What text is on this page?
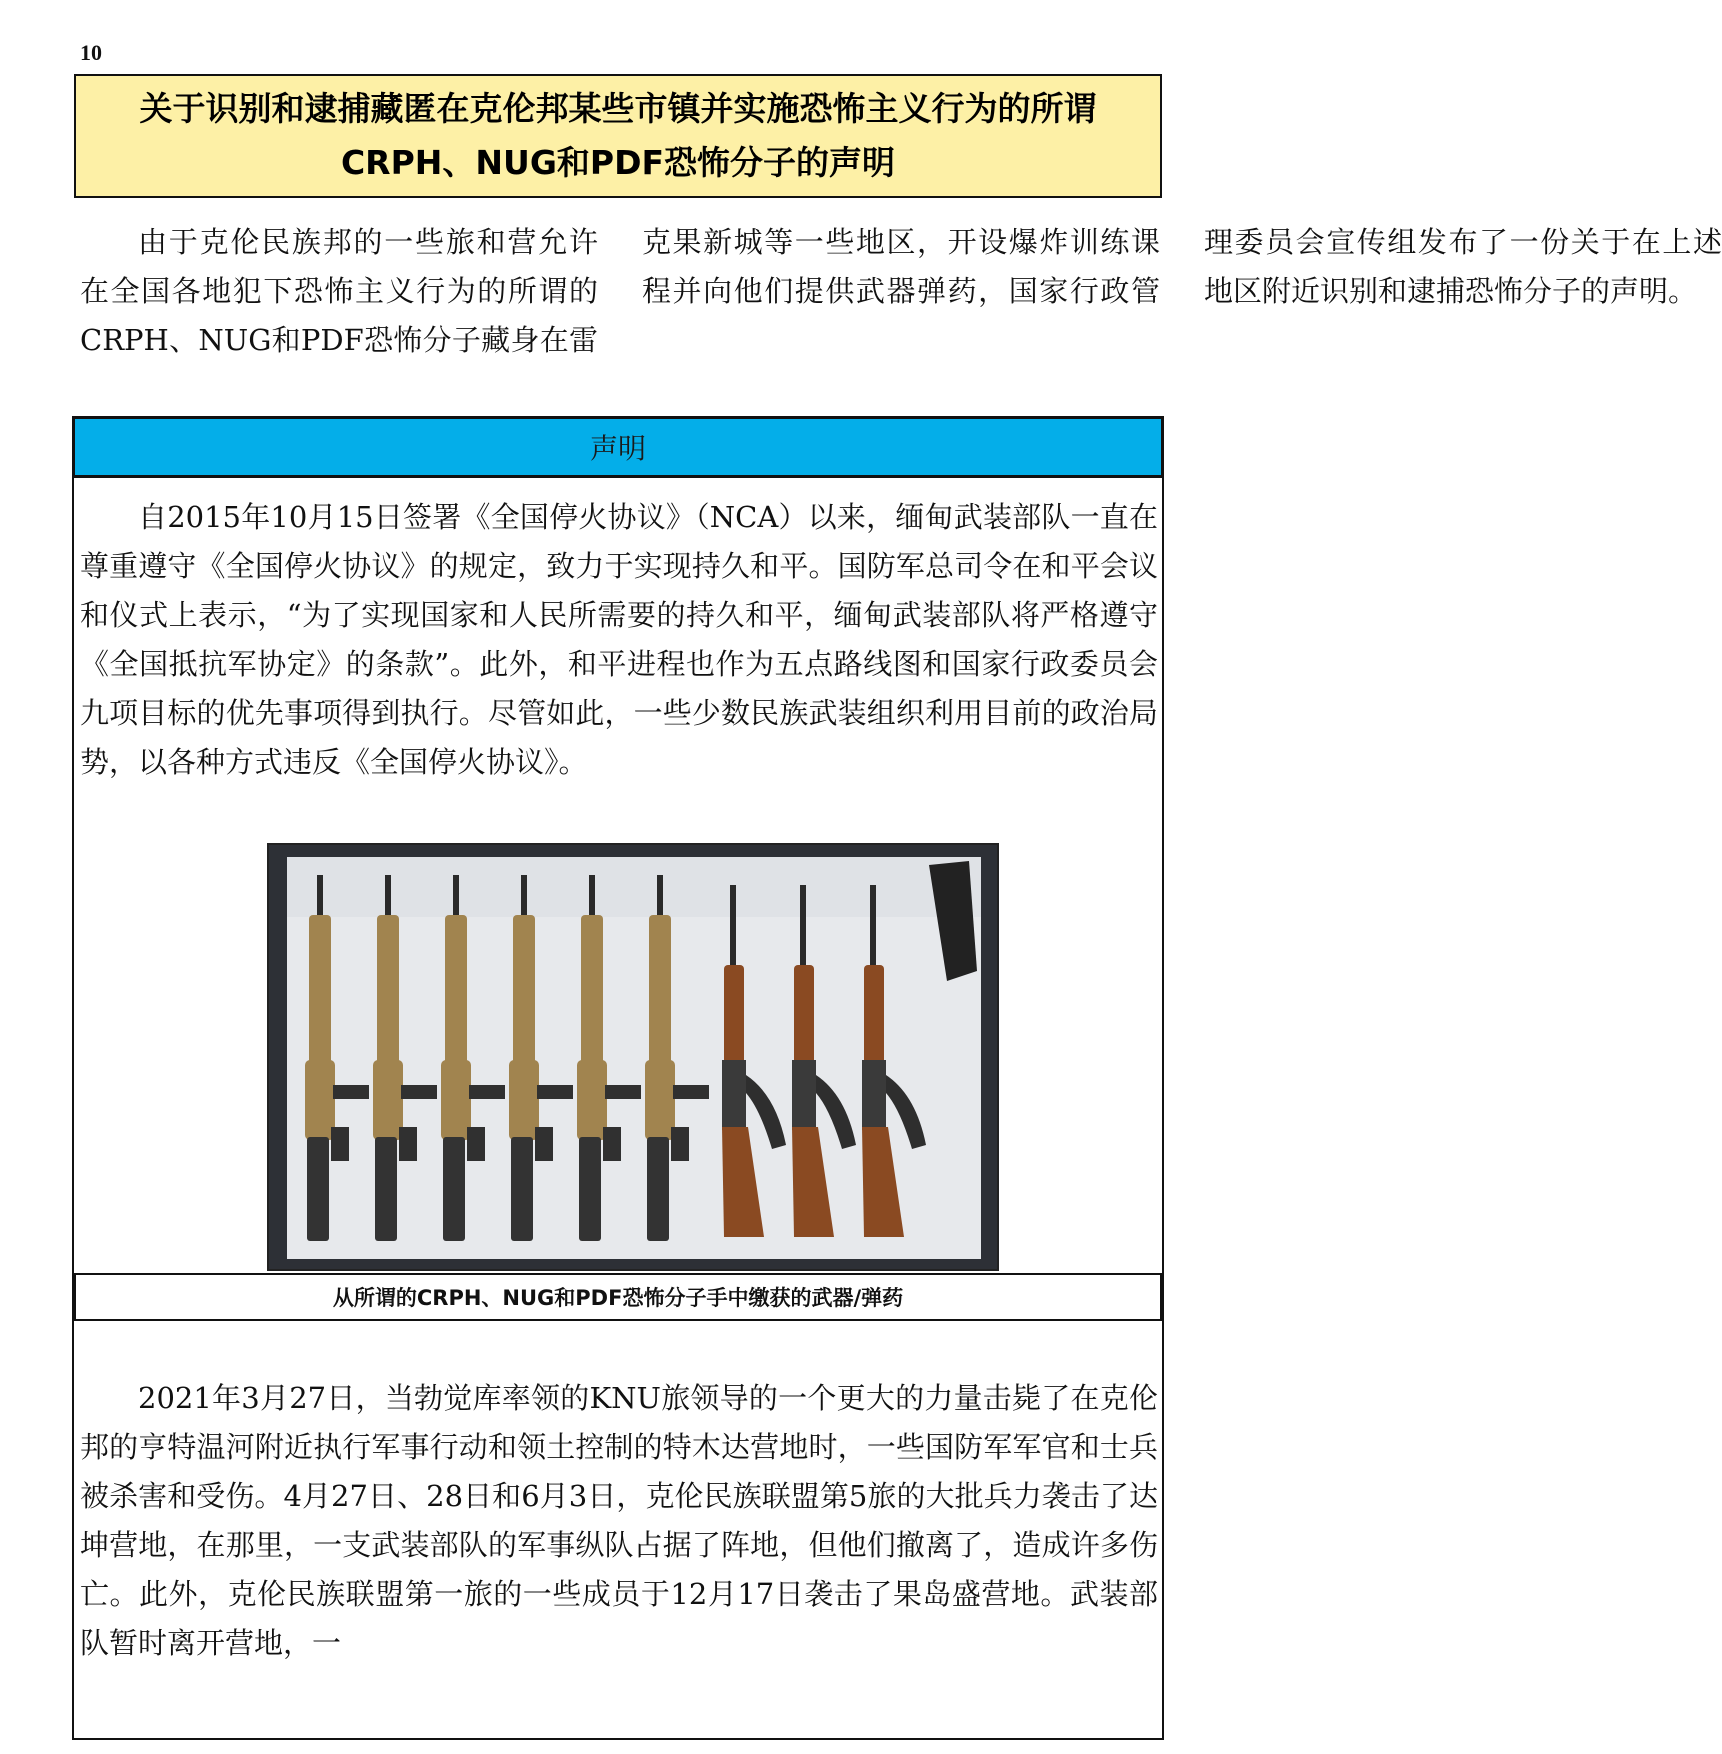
10
关于识别和逮捕藏匿在克伦邦某些市镇并实施恐怖主义行为的所谓CRPH、NUG和PDF恐怖分子的声明

由于克伦民族邦的一些旅和营允许在全国各地犯下恐怖主义行为的所谓的CRPH、NUG和PDF恐怖分子藏身在雷克果新城等一些地区，开设爆炸训练课程并向他们提供武器弹药，国家行政管理委员会宣传组发布了一份关于在上述地区附近识别和逮捕恐怖分子的声明。

声明

自2015年10月15日签署《全国停火协议》（NCA）以来，缅甸武装部队一直在尊重遵守《全国停火协议》的规定，致力于实现持久和平。国防军总司令在和平会议和仪式上表示，“为了实现国家和人民所需要的持久和平，缅甸武装部队将严格遵守《全国抵抗军协定》的条款”。此外，和平进程也作为五点路线图和国家行政委员会九项目标的优先事项得到执行。尽管如此，一些少数民族武装组织利用目前的政治局势，以各种方式违反《全国停火协议》。

从所谓的CRPH、NUG和PDF恐怖分子手中缴获的武器/弹药

2021年3月27日，当勃觉库率领的KNU旅领导的一个更大的力量击毙了在克伦邦的亨特温河附近执行军事行动和领土控制的特木达营地时，一些国防军军官和士兵被杀害和受伤。4月27日、28日和6月3日，克伦民族联盟第5旅的大批兵力袭击了达坤营地，在那里，一支武装部队的军事纵队占据了阵地，但他们撤离了，造成许多伤亡。此外，克伦民族联盟第一旅的一些成员于12月17日袭击了果岛盛营地。武装部队暂时离开营地，一
